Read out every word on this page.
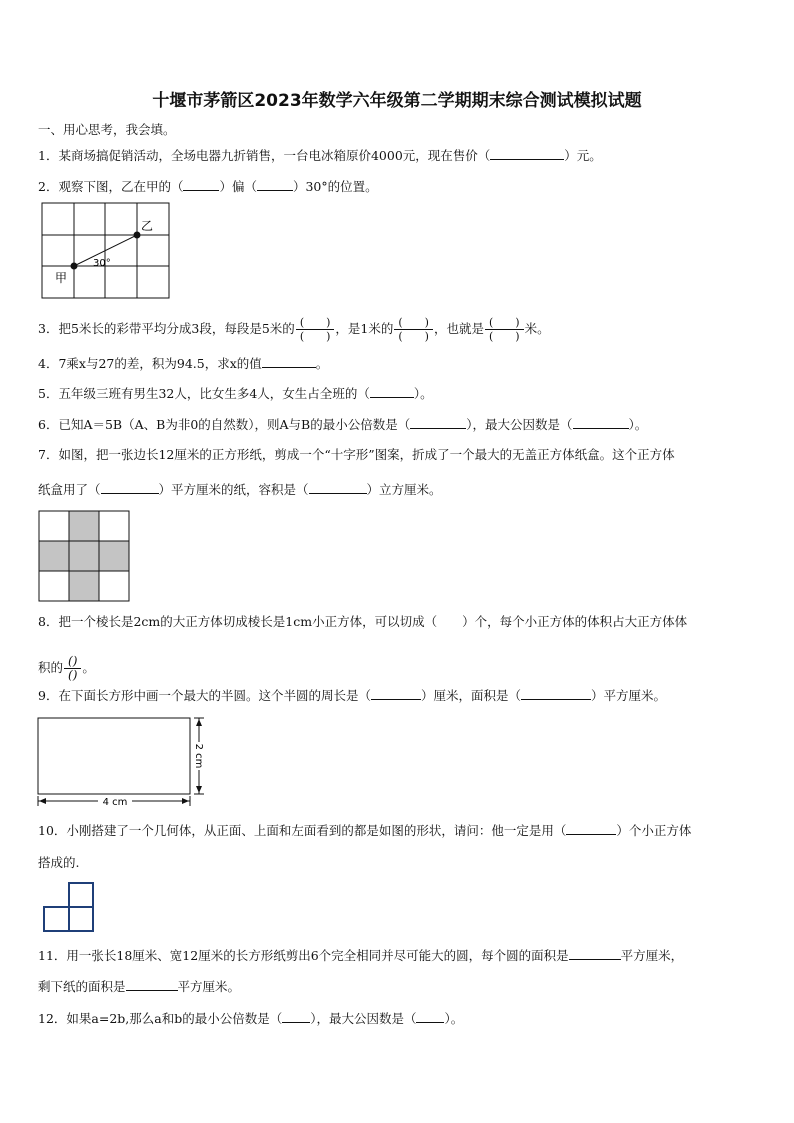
十堰市茅箭区2023年数学六年级第二学期期末综合测试模拟试题
一、用心思考，我会填。
1．某商场搞促销活动，全场电器九折销售，一台电冰箱原价4000元，现在售价（	）元。
2．观察下图，乙在甲的（	）偏（	）30°的位置。
乙
甲
30°
3．把5米长的彩带平均分成3段，每段是5米的 $\frac{( )}{( )}$ ，是1米的 $\frac{( )}{( )}$ ，也就是 $\frac{( )}{( )}$ 米。
4．7乘x与27的差，积为94.5，求x的值	。
5．五年级三班有男生32人，比女生多4人，女生占全班的（	）。
6．已知A＝5B（A、B为非0的自然数），则A与B的最小公倍数是（	），最大公因数是（	）。
7．如图，把一张边长12厘米的正方形纸，剪成一个“十字形”图案，折成了一个最大的无盖正方体纸盒。这个正方体
纸盒用了（	）平方厘米的纸，容积是（	）立方厘米。
8．把一个棱长是2cm的大正方体切成棱长是1cm小正方体，可以切成（　　）个，每个小正方体的体积占大正方体体
积的 $\frac{()}{()}$ 。
9．在下面长方形中画一个最大的半圆。这个半圆的周长是（	）厘米，面积是（	）平方厘米。
2 cm
4 cm
10．小刚搭建了一个几何体，从正面、上面和左面看到的都是如图的形状，请问：他一定是用（	）个小正方体
搭成的.
11．用一张长18厘米、宽12厘米的长方形纸剪出6个完全相同并尽可能大的圆，每个圆的面积是	平方厘米，
剩下纸的面积是	平方厘米。
12．如果a=2b,那么a和b的最小公倍数是（ ），最大公因数是（ ）。
